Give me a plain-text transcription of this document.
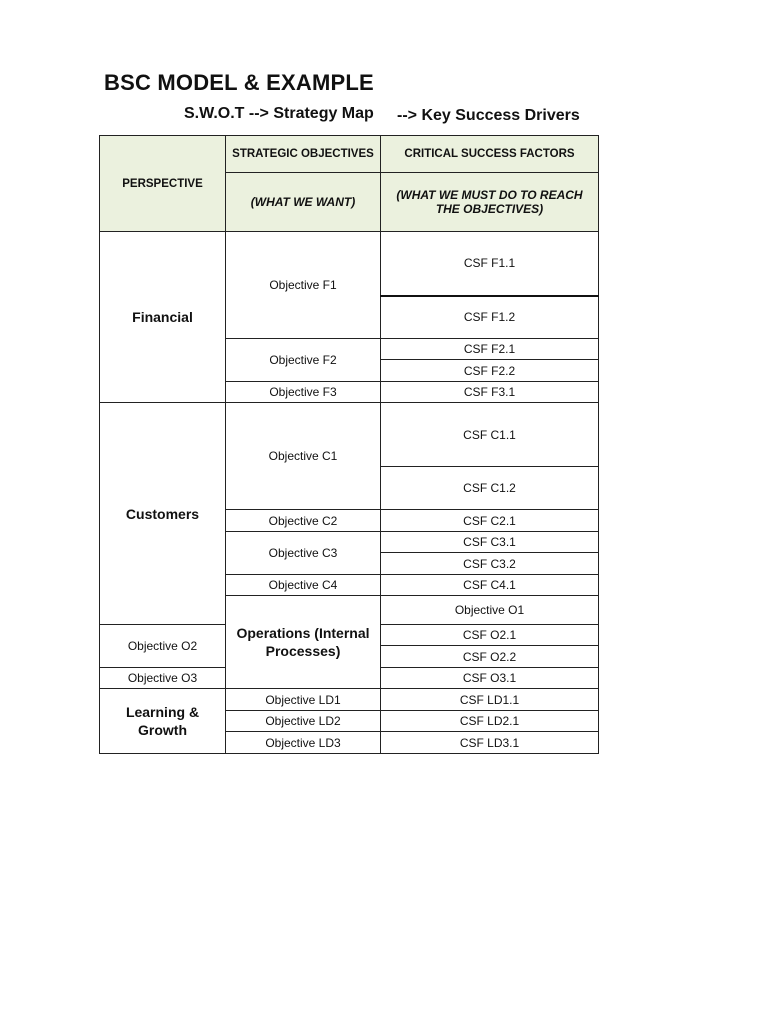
BSC MODEL & EXAMPLE
S.W.O.T --> Strategy Map --> Key Success Drivers
PERSPECTIVE	STRATEGIC OBJECTIVES	CRITICAL SUCCESS FACTORS	
	(WHAT WE WANT)	(WHAT WE MUST DO TO REACH THE OBJECTIVES)	
Financial	Objective F1	CSF F1.1	
		CSF F1.2	
	Objective F2	CSF F2.1	
		CSF F2.2	
	Objective F3	CSF F3.1	
Customers	Objective C1	CSF C1.1	
		CSF C1.2	
	Objective C2	CSF C2.1	
	Objective C3	CSF C3.1	
		CSF C3.2	
	Objective C4	CSF C4.1	
	Operations (Internal Processes)	Objective O1	
Objective O2		CSF O2.1	
		CSF O2.2	
Objective O3		CSF O3.1	
Learning & Growth	Objective LD1	CSF LD1.1	
	Objective LD2	CSF LD2.1	
	Objective LD3	CSF LD3.1	
